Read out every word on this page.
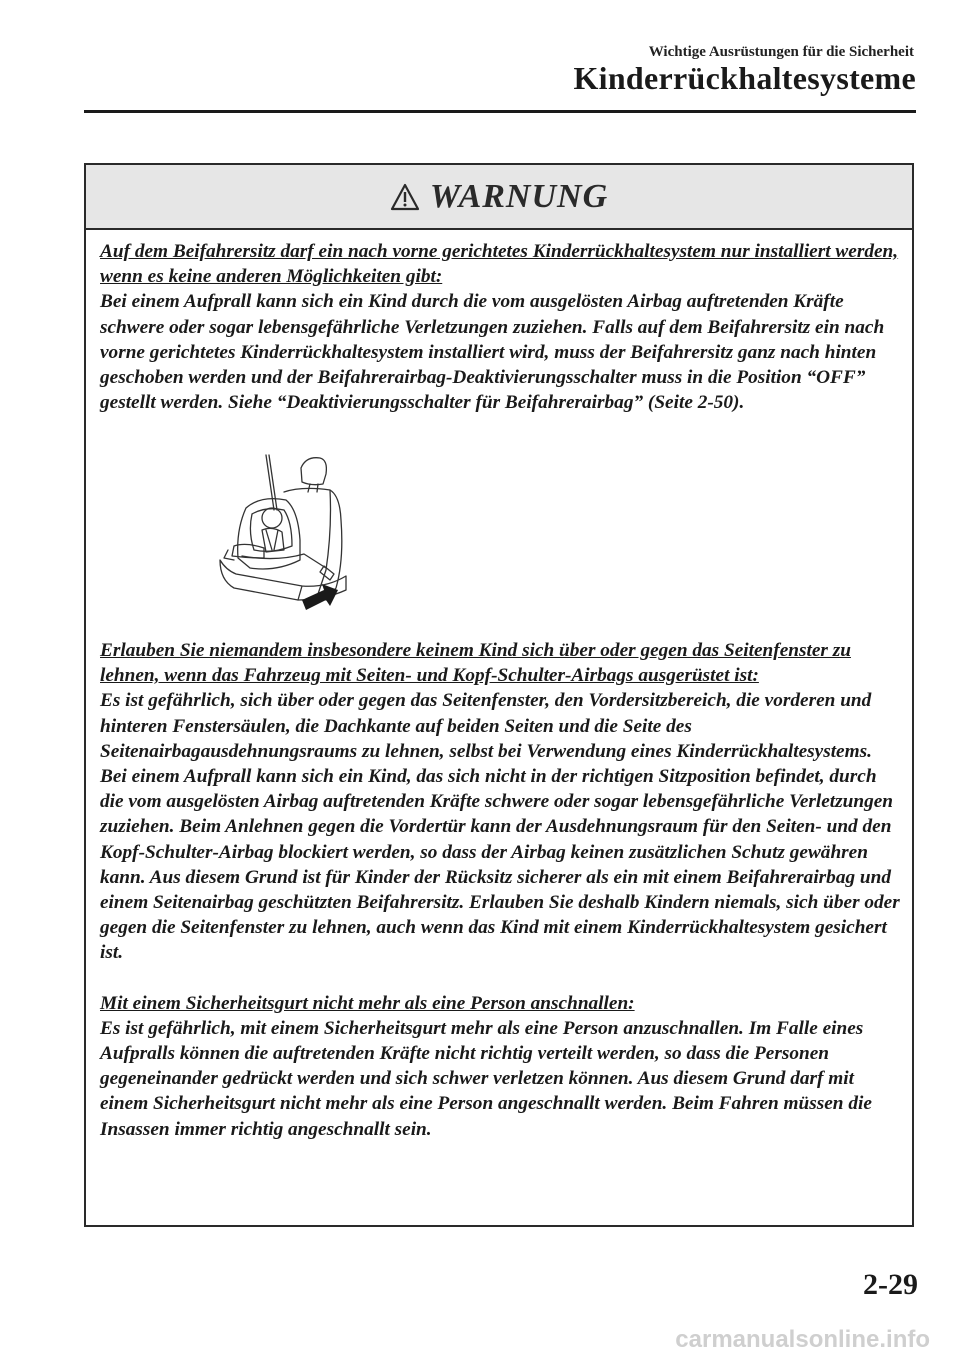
Wichtige Ausrüstungen für die Sicherheit
Kinderrückhaltesysteme
WARNUNG

Auf dem Beifahrersitz darf ein nach vorne gerichtetes Kinderrückhaltesystem nur installiert werden, wenn es keine anderen Möglichkeiten gibt:

Bei einem Aufprall kann sich ein Kind durch die vom ausgelösten Airbag auftretenden Kräfte schwere oder sogar lebensgefährliche Verletzungen zuziehen. Falls auf dem Beifahrersitz ein nach vorne gerichtetes Kinderrückhaltesystem installiert wird, muss der Beifahrersitz ganz nach hinten geschoben werden und der Beifahrerairbag-Deaktivierungsschalter muss in die Position “OFF” gestellt werden. Siehe “Deaktivierungsschalter für Beifahrerairbag” (Seite 2-50).

Erlauben Sie niemandem insbesondere keinem Kind sich über oder gegen das Seitenfenster zu lehnen, wenn das Fahrzeug mit Seiten- und Kopf-Schulter-Airbags ausgerüstet ist:

Es ist gefährlich, sich über oder gegen das Seitenfenster, den Vordersitzbereich, die vorderen und hinteren Fenstersäulen, die Dachkante auf beiden Seiten und die Seite des Seitenairbagausdehnungsraums zu lehnen, selbst bei Verwendung eines Kinderrückhaltesystems. Bei einem Aufprall kann sich ein Kind, das sich nicht in der richtigen Sitzposition befindet, durch die vom ausgelösten Airbag auftretenden Kräfte schwere oder sogar lebensgefährliche Verletzungen zuziehen. Beim Anlehnen gegen die Vordertür kann der Ausdehnungsraum für den Seiten- und den Kopf-Schulter-Airbag blockiert werden, so dass der Airbag keinen zusätzlichen Schutz gewähren kann. Aus diesem Grund ist für Kinder der Rücksitz sicherer als ein mit einem Beifahrerairbag und einem Seitenairbag geschützten Beifahrersitz. Erlauben Sie deshalb Kindern niemals, sich über oder gegen die Seitenfenster zu lehnen, auch wenn das Kind mit einem Kinderrückhaltesystem gesichert ist.

Mit einem Sicherheitsgurt nicht mehr als eine Person anschnallen:

Es ist gefährlich, mit einem Sicherheitsgurt mehr als eine Person anzuschnallen. Im Falle eines Aufpralls können die auftretenden Kräfte nicht richtig verteilt werden, so dass die Personen gegeneinander gedrückt werden und sich schwer verletzen können. Aus diesem Grund darf mit einem Sicherheitsgurt nicht mehr als eine Person angeschnallt werden. Beim Fahren müssen die Insassen immer richtig angeschnallt sein.

2-29
carmanualsonline.info
